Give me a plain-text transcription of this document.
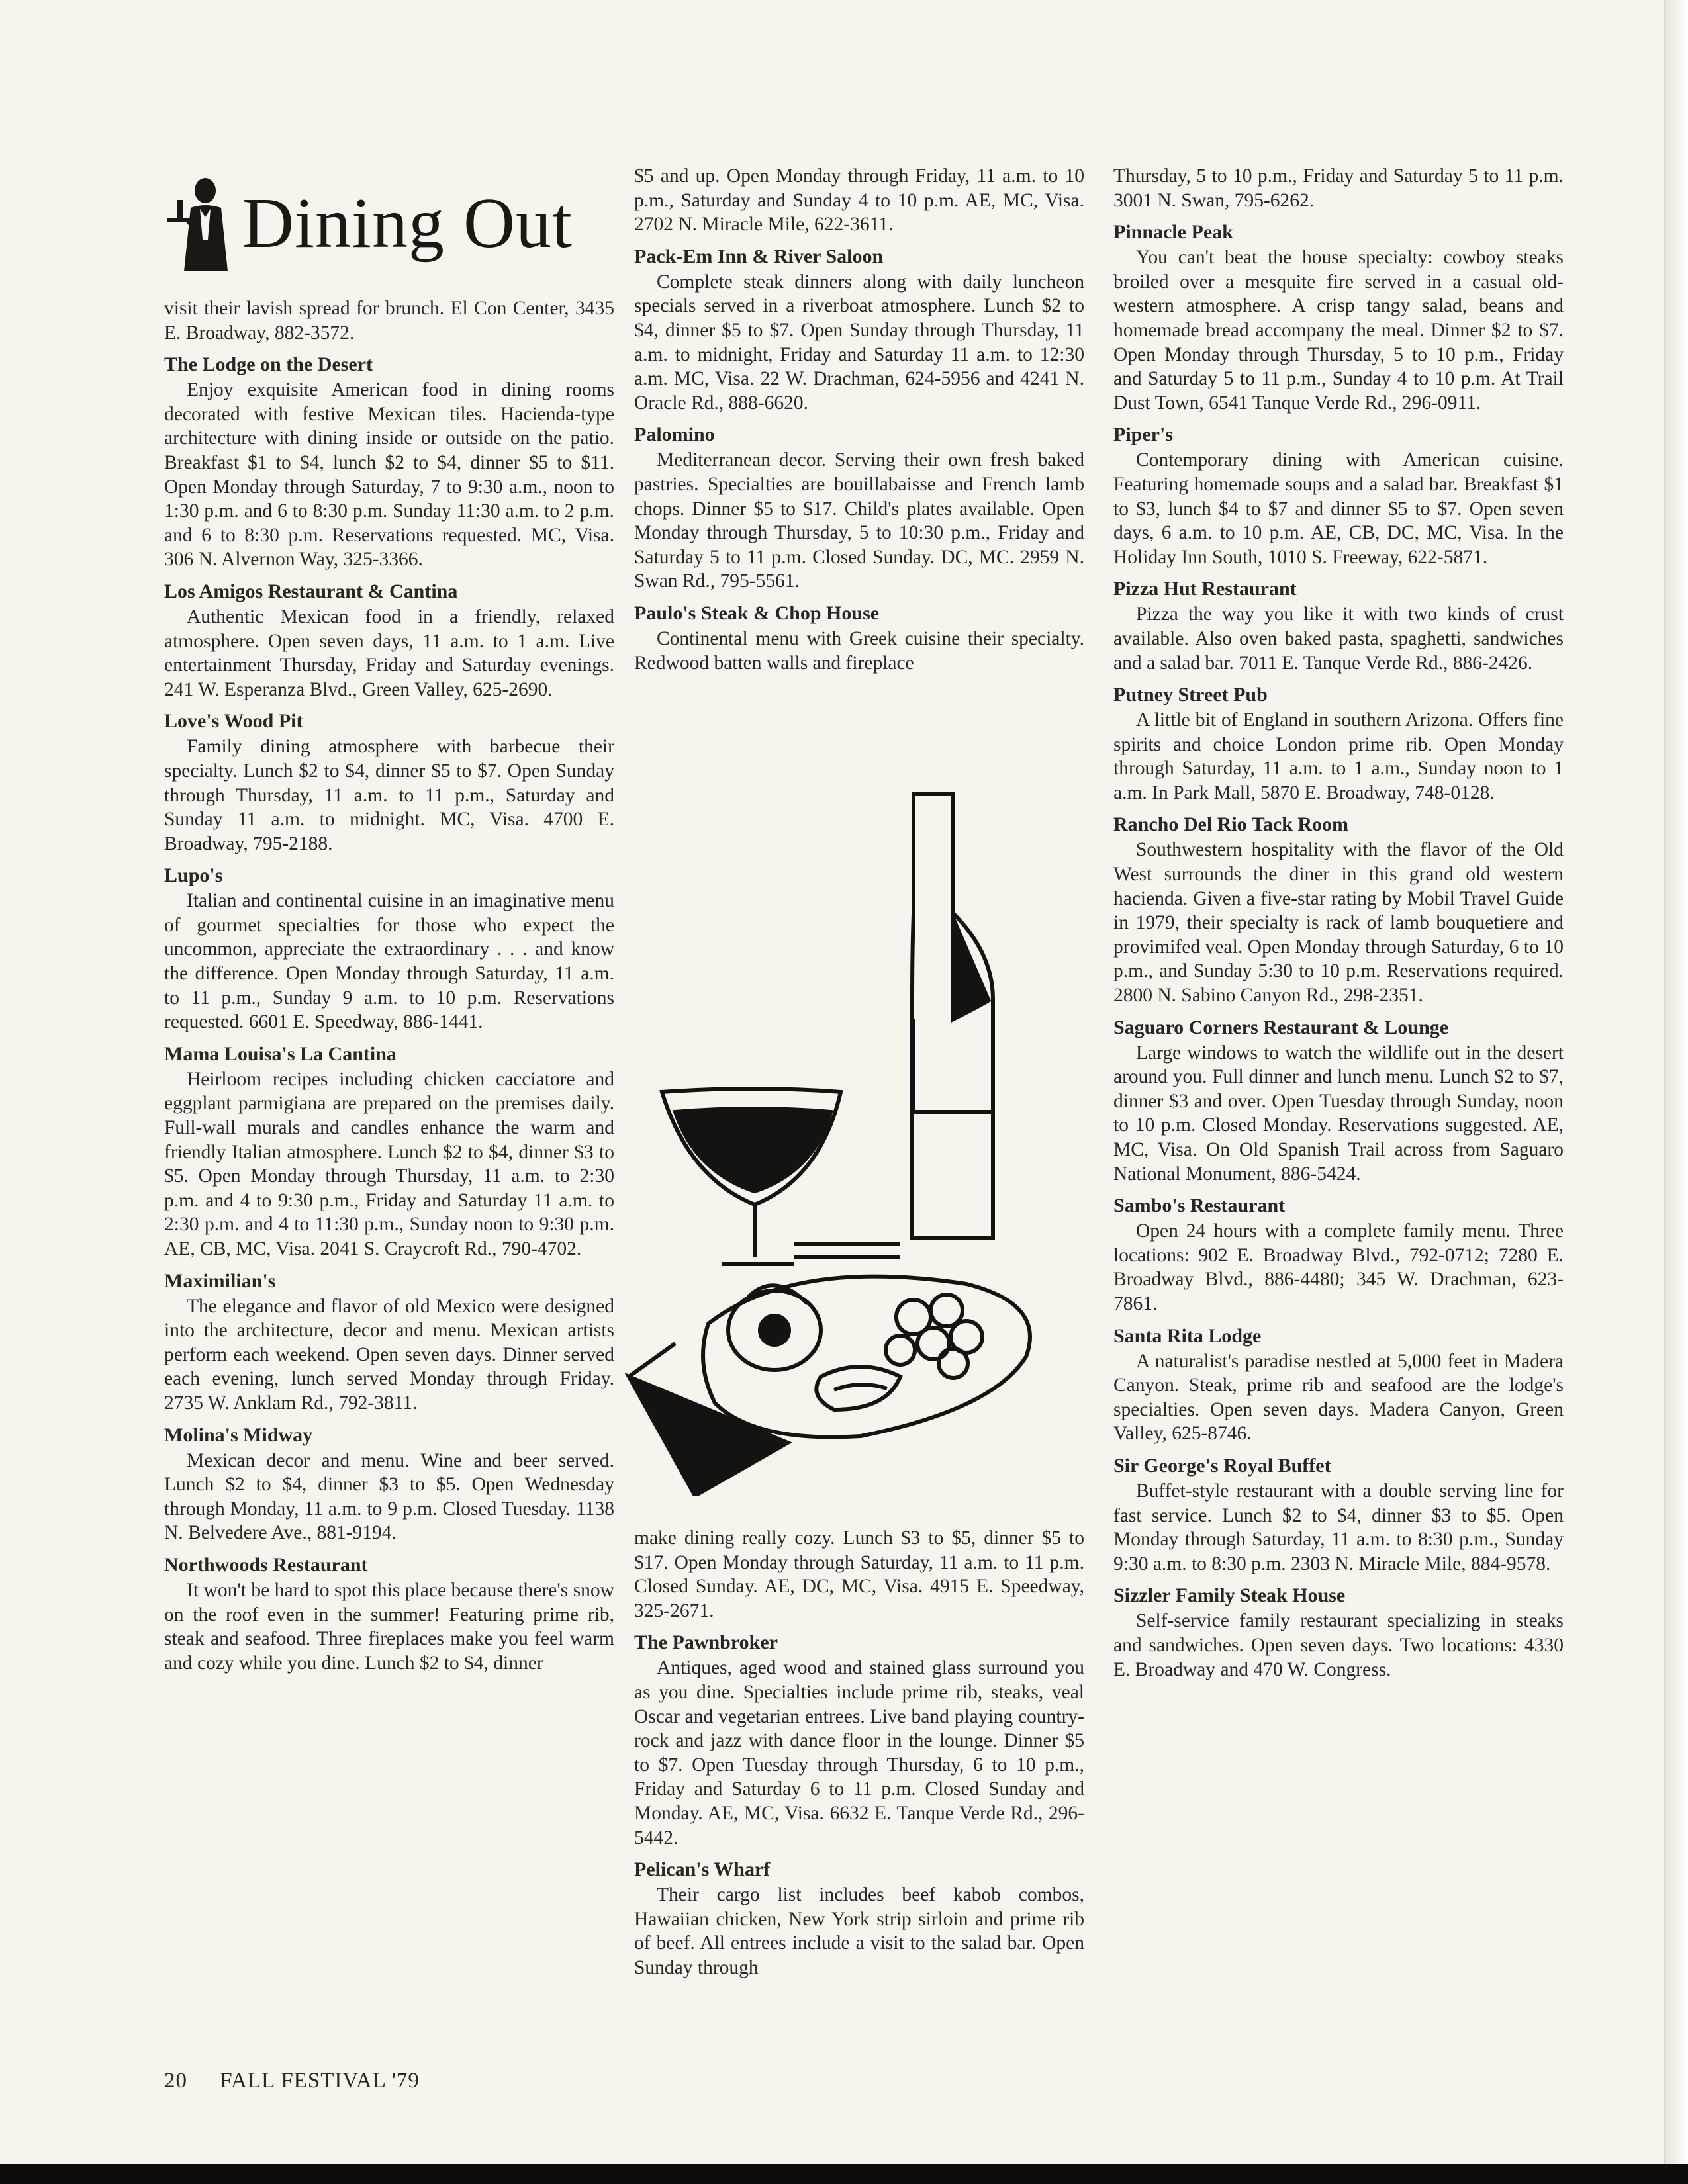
Dining Out

visit their lavish spread for brunch. El Con Center, 3435 E. Broadway, 882-3572.

The Lodge on the Desert

Enjoy exquisite American food in dining rooms decorated with festive Mexican tiles. Hacienda-type architecture with dining inside or outside on the patio. Breakfast $1 to $4, lunch $2 to $4, dinner $5 to $11. Open Monday through Saturday, 7 to 9:30 a.m., noon to 1:30 p.m. and 6 to 8:30 p.m. Sunday 11:30 a.m. to 2 p.m. and 6 to 8:30 p.m. Reservations requested. MC, Visa. 306 N. Alvernon Way, 325-3366.

Los Amigos Restaurant & Cantina

Authentic Mexican food in a friendly, relaxed atmosphere. Open seven days, 11 a.m. to 1 a.m. Live entertainment Thursday, Friday and Saturday evenings. 241 W. Esperanza Blvd., Green Valley, 625-2690.

Love's Wood Pit

Family dining atmosphere with barbecue their specialty. Lunch $2 to $4, dinner $5 to $7. Open Sunday through Thursday, 11 a.m. to 11 p.m., Saturday and Sunday 11 a.m. to midnight. MC, Visa. 4700 E. Broadway, 795-2188.

Lupo's

Italian and continental cuisine in an imaginative menu of gourmet specialties for those who expect the uncommon, appreciate the extraordinary . . . and know the difference. Open Monday through Saturday, 11 a.m. to 11 p.m., Sunday 9 a.m. to 10 p.m. Reservations requested. 6601 E. Speedway, 886-1441.

Mama Louisa's La Cantina

Heirloom recipes including chicken cacciatore and eggplant parmigiana are prepared on the premises daily. Full-wall murals and candles enhance the warm and friendly Italian atmosphere. Lunch $2 to $4, dinner $3 to $5. Open Monday through Thursday, 11 a.m. to 2:30 p.m. and 4 to 9:30 p.m., Friday and Saturday 11 a.m. to 2:30 p.m. and 4 to 11:30 p.m., Sunday noon to 9:30 p.m. AE, CB, MC, Visa. 2041 S. Craycroft Rd., 790-4702.

Maximilian's

The elegance and flavor of old Mexico were designed into the architecture, decor and menu. Mexican artists perform each weekend. Open seven days. Dinner served each evening, lunch served Monday through Friday. 2735 W. Anklam Rd., 792-3811.

Molina's Midway

Mexican decor and menu. Wine and beer served. Lunch $2 to $4, dinner $3 to $5. Open Wednesday through Monday, 11 a.m. to 9 p.m. Closed Tuesday. 1138 N. Belvedere Ave., 881-9194.

Northwoods Restaurant

It won't be hard to spot this place because there's snow on the roof even in the summer! Featuring prime rib, steak and seafood. Three fireplaces make you feel warm and cozy while you dine. Lunch $2 to $4, dinner

$5 and up. Open Monday through Friday, 11 a.m. to 10 p.m., Saturday and Sunday 4 to 10 p.m. AE, MC, Visa. 2702 N. Miracle Mile, 622-3611.

Pack-Em Inn & River Saloon

Complete steak dinners along with daily luncheon specials served in a riverboat atmosphere. Lunch $2 to $4, dinner $5 to $7. Open Sunday through Thursday, 11 a.m. to midnight, Friday and Saturday 11 a.m. to 12:30 a.m. MC, Visa. 22 W. Drachman, 624-5956 and 4241 N. Oracle Rd., 888-6620.

Palomino

Mediterranean decor. Serving their own fresh baked pastries. Specialties are bouillabaisse and French lamb chops. Dinner $5 to $17. Child's plates available. Open Monday through Thursday, 5 to 10:30 p.m., Friday and Saturday 5 to 11 p.m. Closed Sunday. DC, MC. 2959 N. Swan Rd., 795-5561.

Paulo's Steak & Chop House

Continental menu with Greek cuisine their specialty. Redwood batten walls and fireplace

make dining really cozy. Lunch $3 to $5, dinner $5 to $17. Open Monday through Saturday, 11 a.m. to 11 p.m. Closed Sunday. AE, DC, MC, Visa. 4915 E. Speedway, 325-2671.

The Pawnbroker

Antiques, aged wood and stained glass surround you as you dine. Specialties include prime rib, steaks, veal Oscar and vegetarian entrees. Live band playing country-rock and jazz with dance floor in the lounge. Dinner $5 to $7. Open Tuesday through Thursday, 6 to 10 p.m., Friday and Saturday 6 to 11 p.m. Closed Sunday and Monday. AE, MC, Visa. 6632 E. Tanque Verde Rd., 296-5442.

Pelican's Wharf

Their cargo list includes beef kabob combos, Hawaiian chicken, New York strip sirloin and prime rib of beef. All entrees include a visit to the salad bar. Open Sunday through

Thursday, 5 to 10 p.m., Friday and Saturday 5 to 11 p.m. 3001 N. Swan, 795-6262.

Pinnacle Peak

You can't beat the house specialty: cowboy steaks broiled over a mesquite fire served in a casual old-western atmosphere. A crisp tangy salad, beans and homemade bread accompany the meal. Dinner $2 to $7. Open Monday through Thursday, 5 to 10 p.m., Friday and Saturday 5 to 11 p.m., Sunday 4 to 10 p.m. At Trail Dust Town, 6541 Tanque Verde Rd., 296-0911.

Piper's

Contemporary dining with American cuisine. Featuring homemade soups and a salad bar. Breakfast $1 to $3, lunch $4 to $7 and dinner $5 to $7. Open seven days, 6 a.m. to 10 p.m. AE, CB, DC, MC, Visa. In the Holiday Inn South, 1010 S. Freeway, 622-5871.

Pizza Hut Restaurant

Pizza the way you like it with two kinds of crust available. Also oven baked pasta, spaghetti, sandwiches and a salad bar. 7011 E. Tanque Verde Rd., 886-2426.

Putney Street Pub

A little bit of England in southern Arizona. Offers fine spirits and choice London prime rib. Open Monday through Saturday, 11 a.m. to 1 a.m., Sunday noon to 1 a.m. In Park Mall, 5870 E. Broadway, 748-0128.

Rancho Del Rio Tack Room

Southwestern hospitality with the flavor of the Old West surrounds the diner in this grand old western hacienda. Given a five-star rating by Mobil Travel Guide in 1979, their specialty is rack of lamb bouquetiere and provimifed veal. Open Monday through Saturday, 6 to 10 p.m., and Sunday 5:30 to 10 p.m. Reservations required. 2800 N. Sabino Canyon Rd., 298-2351.

Saguaro Corners Restaurant & Lounge

Large windows to watch the wildlife out in the desert around you. Full dinner and lunch menu. Lunch $2 to $7, dinner $3 and over. Open Tuesday through Sunday, noon to 10 p.m. Closed Monday. Reservations suggested. AE, MC, Visa. On Old Spanish Trail across from Saguaro National Monument, 886-5424.

Sambo's Restaurant

Open 24 hours with a complete family menu. Three locations: 902 E. Broadway Blvd., 792-0712; 7280 E. Broadway Blvd., 886-4480; 345 W. Drachman, 623-7861.

Santa Rita Lodge

A naturalist's paradise nestled at 5,000 feet in Madera Canyon. Steak, prime rib and seafood are the lodge's specialties. Open seven days. Madera Canyon, Green Valley, 625-8746.

Sir George's Royal Buffet

Buffet-style restaurant with a double serving line for fast service. Lunch $2 to $4, dinner $3 to $5. Open Monday through Saturday, 11 a.m. to 8:30 p.m., Sunday 9:30 a.m. to 8:30 p.m. 2303 N. Miracle Mile, 884-9578.

Sizzler Family Steak House

Self-service family restaurant specializing in steaks and sandwiches. Open seven days. Two locations: 4330 E. Broadway and 470 W. Congress.

20 FALL FESTIVAL '79
